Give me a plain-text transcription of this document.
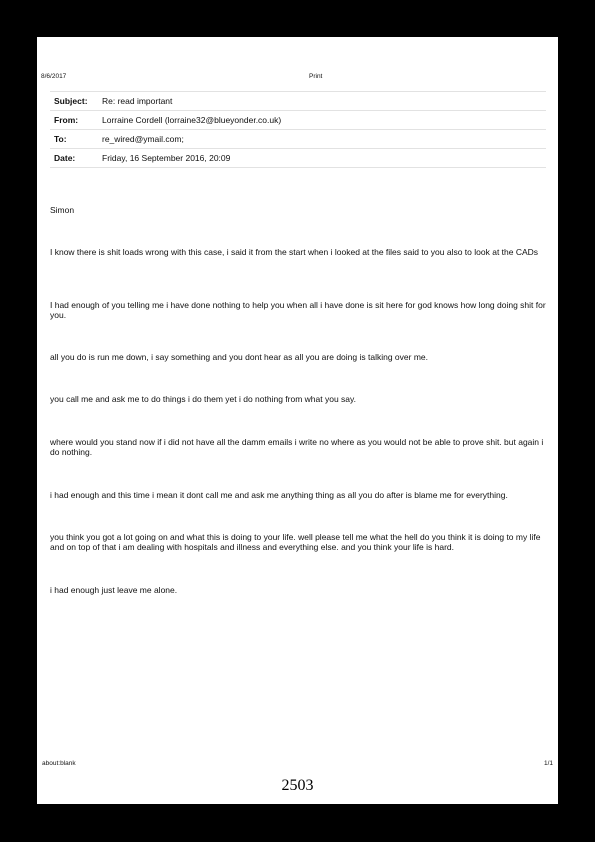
8/6/2017	Print
Subject:	Re: read important
From:	Lorraine Cordell (lorraine32@blueyonder.co.uk)
To:	re_wired@ymail.com;
Date:	Friday, 16 September 2016, 20:09

Simon

I know there is shit loads wrong with this case, i said it from the start when i looked at the files said to you also to look at the CADs

I had enough of you telling me i have done nothing to help you when all i have done is sit here for god knows how long doing shit for you.

all you do is run me down, i say something and you dont hear as all you are doing is talking over me.

you call me and ask me to do things i do them yet i do nothing from what you say.

where would you stand now if i did not have all the damm emails i write no where as you would not be able to prove shit. but again i do nothing.

i had enough and this time i mean it dont call me and ask me anything thing as all you do after is blame me for everything.

you think you got a lot going on and what this is doing to your life. well please tell me what the hell do you think it is doing to my life and on top of that i am dealing with hospitals and illness and everything else. and you think your life is hard.

i had enough just leave me alone.

about:blank	1/1
2503
